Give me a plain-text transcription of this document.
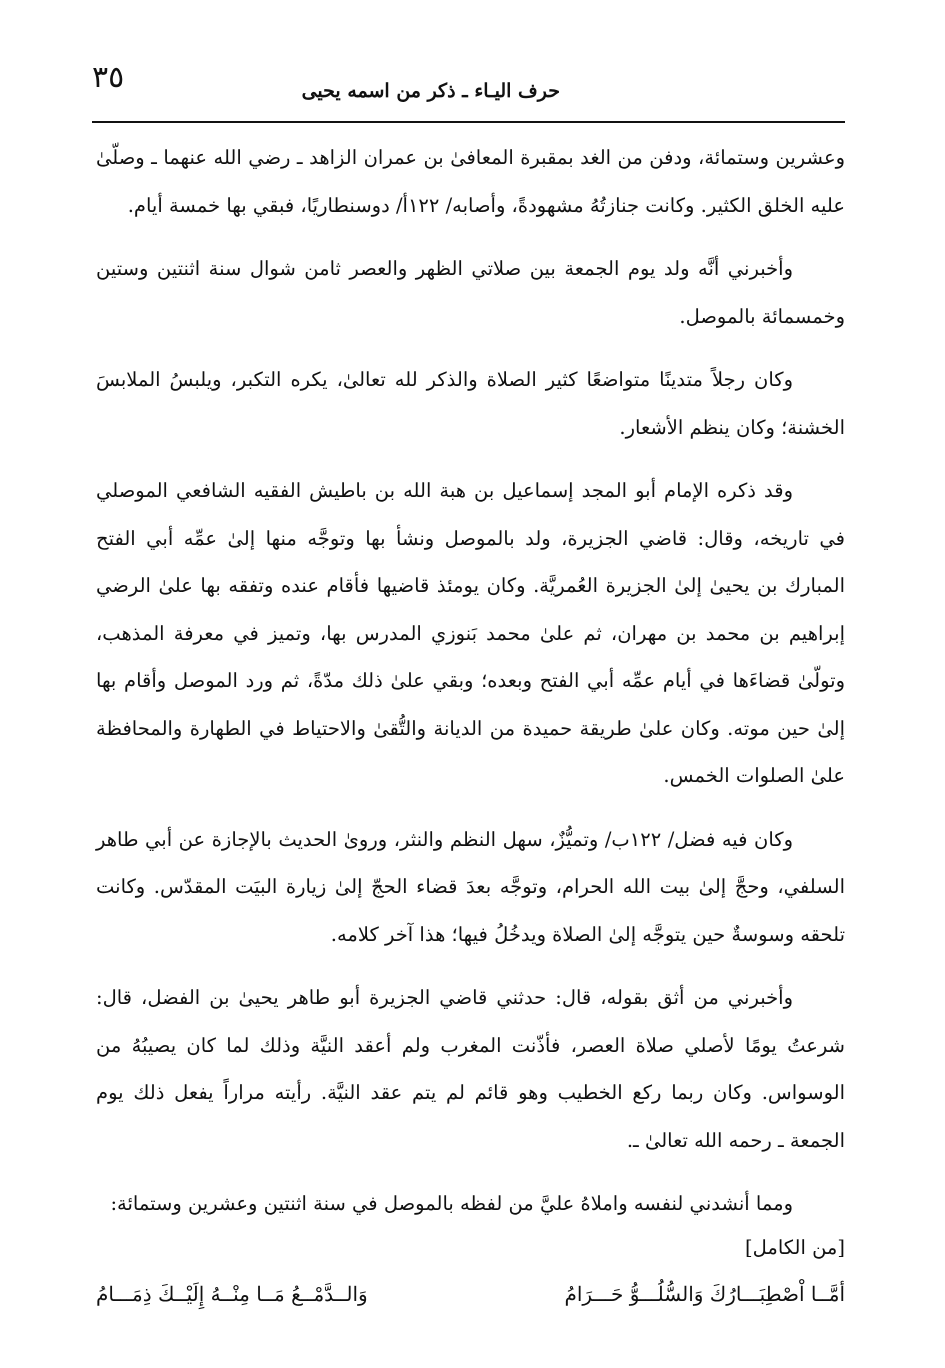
٣٥	حرف اليـاء ـ ذكر من اسمه يحيى

وعشرين وستمائة، ودفن من الغد بمقبرة المعافىٰ بن عمران الزاهد ـ رضي الله عنهما ـ وصلّىٰ عليه الخلق الكثير. وكانت جنازتُهُ مشهودةً، وأصابه/ ١٢٢أ/ دوسنطاريًا، فبقي بها خمسة أيام.

وأخبرني أنَّه ولد يوم الجمعة بين صلاتي الظهر والعصر ثامن شوال سنة اثنتين وستين وخمسمائة بالموصل.

وكان رجلاً متدينًا متواضعًا كثير الصلاة والذكر لله تعالىٰ، يكره التكبر، ويلبسُ الملابسَ الخشنة؛ وكان ينظم الأشعار.

وقد ذكره الإمام أبو المجد إسماعيل بن هبة الله بن باطيش الفقيه الشافعي الموصلي في تاريخه، وقال: قاضي الجزيرة، ولد بالموصل ونشأ بها وتوجَّه منها إلىٰ عمِّه أبي الفتح المبارك بن يحيىٰ إلىٰ الجزيرة العُمريَّة. وكان يومئذ قاضيها فأقام عنده وتفقه بها علىٰ الرضي إبراهيم بن محمد بن مهران، ثم علىٰ محمد بَنوزي المدرس بها، وتميز في معرفة المذهب، وتولّىٰ قضاءَها في أيام عمِّه أبي الفتح وبعده؛ وبقي علىٰ ذلك مدّةً، ثم ورد الموصل وأقام بها إلىٰ حين موته. وكان علىٰ طريقة حميدة من الديانة والتُّقىٰ والاحتياط في الطهارة والمحافظة علىٰ الصلوات الخمس.

وكان فيه فضل/ ١٢٢ب/ وتميُّزٌ، سهل النظم والنثر، وروىٰ الحديث بالإجازة عن أبي طاهر السلفي، وحجَّ إلىٰ بيت الله الحرام، وتوجَّه بعدَ قضاء الحجّ إلىٰ زيارة البيَت المقدّس. وكانت تلحقه وسوسةٌ حين يتوجَّه إلىٰ الصلاة ويدخُلُ فيها؛ هذا آخر كلامه.

وأخبرني من أثق بقوله، قال: حدثني قاضي الجزيرة أبو طاهر يحيىٰ بن الفضل، قال: شرعتُ يومًا لأصلي صلاة العصر، فأذّنت المغرب ولم أعقد النيَّة وذلك لما كان يصيبُهُ من الوسواس. وكان ربما ركع الخطيب وهو قائم لم يتم عقد النيَّة. رأيته مراراً يفعل ذلك يوم الجمعة ـ رحمه الله تعالىٰ ـ.

ومما أنشدني لنفسه واملاهُ عليَّ من لفظه بالموصل في سنة اثنتين وعشرين وستمائة:

[من الكامل]
أمَّــا اْصْطِبَـــارُكَ وَالسُّلُـــوُّ حَـــرَامُ
وَالــدَّمْــعُ مَــا مِنْــهُ إِلَيْــكَ ذِمَـــامُ
